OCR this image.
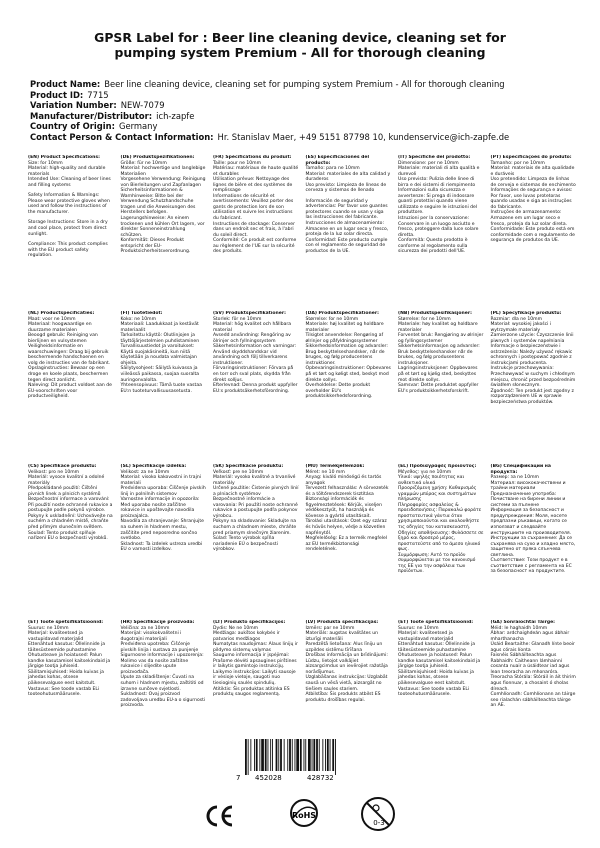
GPSR Label for : Beer line cleaning device, cleaning set for
pumping system Premium - All for thorough cleaning
Product Name: Beer line cleaning device, cleaning set for pumping system Premium - All for thorough cleaning
Product ID: 7715
Variation Number: NEW-7079
Manufacturer/Distributor: ich-zapfe
Country of Origin: Germany
Contact Person & Contact Information: Hr. Stanislav Maer, +49 5151 87798 10, kundenservice@ich-zapfe.de
(EN) Product Specifications:

Size: for 10mm

Material: high-quality and durable materials

Intended Use: Cleaning of beer lines and filling systems

Safety Information & Warnings: Please wear protective gloves when used and follow the instructions of the manufacturer.

Storage Instructions: Store in a dry and cool place, protect from direct sunlight.

Compliance: This product complies with the EU product safety regulation.

(DE) Produktspezifikationen:

Größe: für ne 10mm

Material: hochwertige und langlebige Materialien

Vorgesehene Verwendung: Reinigung von Bierleitungen und Zapfanlagen

Sicherheitsinformationen & Warnhinweise: Bitte bei der Verwendung Schutzhandschuhe tragen und die Anweisungen des Herstellers befolgen.

Lagerungshinweise: An einem trockenen und kühlen Ort lagern, vor direkter Sonneneinstrahlung schützen.

Konformität: Dieses Produkt entspricht der EU-Produktsicherheitsverordnung.

(FR) Spécifications du produit:

Taille: pour ne 10mm

Matériau: matériaux de haute qualité et durables

Utilisation prévue: Nettoyage des lignes de bière et des systèmes de remplissage

Informations de sécurité et avertissements: Veuillez porter des gants de protection lors de son utilisation et suivre les instructions du fabricant.

Instructions de stockage: Conserver dans un endroit sec et frais, à l'abri du soleil direct.

Conformité: Ce produit est conforme au règlement de l'UE sur la sécurité des produits.

(ES) Especificaciones del producto:

Tamaño: para ne 10mm

Material: materiales de alta calidad y duraderos

Uso previsto: Limpieza de líneas de cerveza y sistemas de llenado

Información de seguridad y advertencias: Por favor use guantes protectores cuando se usan y siga las instrucciones del fabricante.

Instrucciones de almacenamiento: Almacene en un lugar seco y fresco, proteja de la luz solar directa.

Conformidad: Este producto cumple con el reglamento de seguridad de productos de la UE.

(IT) Specifiche del prodotto:

Dimensione: per ne 10mm

Materiale: materiali di alta qualità e durevoli

Uso previsto: Pulizia delle linee di birra e dei sistemi di riempimento

Informazioni sulla sicurezza e avvertenze: Si prega di indossare guanti protettivi quando viene utilizzato e seguire le istruzioni del produttore.

Istruzioni per la conservazione: Conservare in un luogo asciutto e fresco, proteggere dalla luce solare diretta.

Conformità: Questo prodotto è conforme al regolamento sulla sicurezza dei prodotti dell'UE.

(PT) Especificações do produto:

Tamanho: por ne 10mm

Material: materiais de alta qualidade e duráveis

Uso pretendido: Limpeza de linhas de cerveja e sistemas de enchimento

Informações de segurança e avisos: Por favor, use luvas protetoras quando usadas e siga as instruções do fabricante.

Instruções de armazenamento: Armazene em um lugar seco e fresco, proteja da luz solar direta.

Conformidade: Este produto está em conformidade com o regulamento de segurança de produtos da UE.

(NL) Productspecificaties:

Maat: voor ne 10mm

Materiaal: hoogwaardige en duurzame materialen

Beoogd gebruik: Reiniging van bierlijnen en vulsystemen

Veiligheidsinformatie en waarschuwingen: Draag bij gebruik beschermende handschoenen en volg de instructies van de fabrikant.

Opslaginstructies: Bewaar op een droge en koele plaats, beschermen tegen direct zonlicht.

Naleving: Dit product voldoet aan de EU-voorschriften voor productveiligheid.

(FI) Tuotetiedot:

Koko: ne 10mm

Materiaali: Laadukkaat ja kestävät materiaalit

Tarkoitettu käyttö: Olutlinjojen ja täyttöjärjestelmien puhdistaminen

Turvallisuustiedot ja varoitukset: Käytä suojakäsineitä, kun niitä käytetään ja noudata valmistajan ohjeita.

Säilytysohjeet: Säilytä kuivassa ja viileässä paikassa, suojaa suoralta auringonvalolta.

Yhteensopivuus: Tämä tuote vastaa EU:n tuoteturvallisuusasetusta.

(SV) Produktspecifikationer:

Storlek: för ne 10mm

Material: hög kvalitet och hållbara material

Avsedd användning: Rengöring av ölrinjer och fyllningssystem

Säkerhetsinformation och varningar: Använd skyddshandskar vid användning och följ tillverkarens instruktioner.

Förvaringsinstruktioner: Förvara på en torr och sval plats, skydda från direkt solljus.

Efterlevnad: Denna produkt uppfyller EU:s produktsäkerhetsförordning.

(DA) Produktspecifikationer:

Størrelse: for ne 10mm

Materiale: høj kvalitet og holdbare materialer

Tilsigtet anvendelse: Rengøring af ølrinjer og påfyldningssystemer

Sikkerhedsinformation og advarsler: Brug beskyttelseshandsker, når de bruges, og følg producentens instruktioner.

Opbevaringsinstruktioner: Opbevares på et tørt og køligt sted, beskyt mod direkte sollys.

Overholdelse: Dette produkt overholder EU's produktsikkerhedsforordning.

(NB) Produktspesifikasjoner:

Størrelse: for ne 10mm

Materiale: høy kvalitet og holdbare materialer

Forventet bruk: Rengjøring av ølrinjer og fyllingssystemer

Sikkerhetsinformasjon og advarsler: Bruk beskyttelseshansker når de brukes, og følg produsentens instruksjoner.

Lagringsinstruksjoner: Oppbevares på et tørt og kjølig sted, beskyttes mot direkte sollys.

Samsvar: Dette produktet oppfyller EU's produktsikkerhetsforskrift.

(PL) Specyfikacje produktu:

Rozmiar: dla ne 10mm

Materiał: wysokiej jakości i wytrzymałe materiały

Zamierzone użycie: Czyszczenie linii piwnych i systemów napełniania

Informacje o bezpieczeństwie i ostrzeżenia: Należy używać rękawic ochronnych i postępować zgodnie z instrukcjami producenta.

Instrukcje przechowywania: Przechowywać w suchym i chłodnym miejscu, chronić przed bezpośrednim światłem słonecznym.

Zgodność: Ten produkt jest zgodny z rozporządzeniem UE w sprawie bezpieczeństwa produktów.

(CS) Specifikace produktu:

Velikost: pro ne 10mm

Materiál: vysoce kvalitní a odolné materiály

Předpokládané použití: Čištění pivních linek a plnicích systémů

Bezpečnostní informace a varování: Při použití noste ochranné rukavice a postupujte podle pokynů výrobce.

Pokyny k uskladnění: Uchovávejte na suchém a chladném místě, chraňte před přímým slunečním světlem.

Soulad: Tento produkt splňuje nařízení EU o bezpečnosti výrobků.

(SL) Specifikacije izdelka:

Velikost: za ne 10mm

Material: visoko kakovostni in trajni materiali

Predvidena uporaba: Čiščenje pivskih linij in polnilnih sistemov

Varnostne informacije in opozorila: Med uporabo nosite zaščitne rokavice in upoštevajte navodila proizvajalca.

Navodila za shranjevanje: Shranjujte na suhem in hladnem mestu, zaščitite pred neposredno sončno svetlobo.

Skladnost: Ta izdelek ustreza uredbi EU o varnosti izdelkov.

(SK) Špecifikácie produktu:

Veľkosť: pre ne 10mm

Materiál: vysoko kvalitné a trvanlivé materiály

Určené použitie: Čistenie pivných línií a plniacich systémov

Bezpečnostné informácie a varovania: Pri použití noste ochranné rukavice a postupujte podľa pokynov výrobcu.

Pokyny na skladovanie: Skladujte na suchom a chladnom mieste, chráňte pred priamym slnečným žiarením.

Súlad: Tento výrobok spĺňa nariadenie EÚ o bezpečnosti výrobkov.

(MU) Termékjellemzők:

Méret: ne 10 mm

Anyag: kiváló minőségű és tartós anyagok

Tervezett felhasználás: A sörvezeték és a töltőrendszerek tisztítása

Biztonsági információk és figyelmeztetések: Kérjük, viseljen védőkesztyűt, ha használja és kövesse a gyártó utasításait.

Tárolási utasítások: Ozet egy száraz és hűvös helyen, védje a közvetlen napfénytől.

Megfelelőség: Ez a termék megfelel az EU termékbiztonsági rendeletének.

(EL) Προδιαγραφές προϊόντος:

Μέγεθος: για ne 10mm

Υλικό: υψηλής ποιότητας και ανθεκτικά υλικά

Προοριζόμενη χρήση: Καθαρισμός γραμμών μπύρας και συστημάτων πλήρωσης

Πληροφορίες ασφαλείας & προειδοποιήσεις: Παρακαλώ φοράτε προστατευτικά γάντια όταν χρησιμοποιούνται και ακολουθήστε τις οδηγίες του κατασκευαστή.

Οδηγίες αποθήκευσης: Φυλάσσετε σε ξηρό και δροσερό μέρος, προστατεύστε από το άμεσο ηλιακό φως.

Συμμόρφωση: Αυτό το προϊόν συμμορφώνεται με τον κανονισμό της ΕΕ για την ασφάλεια των προϊόντων.

(BG) Спецификации на продукта:

Размер: за ne 10mm

Материал: висококачествени и трайни материали

Предназначение употреба: Почистване на бирени линии и системи за пълнене

Информация за безопасност и предупреждения: Моля, носете предпазни ръкавици, когато се използват и следвайте инструкциите на производителя.

Инструкции за съхранение: Да се съхранява на сухо и хладно място, защитено от пряка слънчева светлина.

Съответствие: Този продукт е в съответствие с регламента на ЕС за безопасност на продуктите.

(ET) Toote spetsifikatsioonid:

Suurus: ne 10mm

Materjal: kvaliteetsed ja vastupidavad materjalid

Ettenähtud kasutus: Õllelinnide ja täitesüsteemide puhastamine

Ohutusteave ja hoiatused: Palun kandke kasutamisel kaitsekindaid ja järgige tootja juhiseid.

Säilitamisjuhised: Hoida kuivas ja jahedas kohas, otsese päikesevalguse eest kaitstult.

Vastavus: See toode vastab ELi tooteohutusmäärusele.

(HR) Specifikacije proizvoda:

Veličina: za ne 10mm

Materijal: visokokvalitetni i dugotrajni materijali

Predviđena upotreba: Čišćenje pivskih linija i sustava za punjenje

Sigurnosne informacije i upozorenja: Molimo vas da nosite zaštitne rukavice i slijedite upute proizvođača.

Upute za skladištenje: Čuvati na suhom i hladnom mjestu, zaštititi od izravne sunčeve svjetlosti.

Sukladnost: Ovaj proizvod zadovoljava uredbu EU-a o sigurnosti proizvoda.

(LT) Produkto specifikacijos:

Dydis: Ne ne 10mm

Medžiaga: aukštos kokybės ir patvarios medžiagos

Numatytas naudojimas: Alaus linijų ir pildymo sistemų valymas

Saugumo informacija ir įspėjimai: Prašome dėvėti apsaugines pirštines ir laikytis gamintojo instrukcijų.

Laikymo instrukcijos: Laikyti sausoje ir vėsioje vietoje, saugoti nuo tiesioginių saulės spindulių.

Atitiktis: Šis produktas atitinka ES produktų saugos reglamentą.

(LV) Produkta specifikācijas:

Izmērs: par ne 10mm

Materiāls: augstas kvalitātes un izturīgi materiāli

Paredzētā lietošana: Alus līniju un uzpildes sistēmu tīrīšana

Drošības informācija un brīdinājumi: Lūdzu, lietojot valkājiet aizsargcimdus un ievērojiet ražotāja norādījumus.

Uzglabāšanas instrukcijas: Uzglabāt sausā un vēsā vietā, aizsargāt no tiešiem saules stariem.

Atbilstība: Šis produkts atbilst ES produktu drošības regulai.

(ET) Toote spetsifikatsioonid:

Suurus: ne 10mm

Materjal: kvaliteetsed ja vastupidavad materjalid

Ettenähtud kasutus: Õllelinnide ja täitesüsteemide puhastamine

Ohutusteave ja hoiatused: Palun kandke kasutamisel kaitsekindaid ja järgige tootja juhiseid.

Säilitamisjuhised: Hoida kuivas ja jahedas kohas, otsese päikesevalguse eest kaitstult.

Vastavus: See toode vastab ELi tooteohutusmäärusele.

(GA) Sonraíochtaí Táirge:

Méid: le haghaidh 10mm

Ábhar: ardchaighdeán agus ábhair mharthanacha

Úsáid Beartaithe: Glanadh línte beoir agus córais líonta

Faisnéis Sábháilteachta agus Rabhaidh: Caitheann lámhainní cosanta nuair a úsáidtear iad agus lean treoracha an mhonaróra.

Treoracha Stórála: Stóráil in áit thirim agus fionnuar, a chosaint ó sholas díreach.

Comhlíonadh: Comhlíonann an táirge seo rialachán sábháilteachta táirge an AE.

7 452028	428732
RoHS
0-3
